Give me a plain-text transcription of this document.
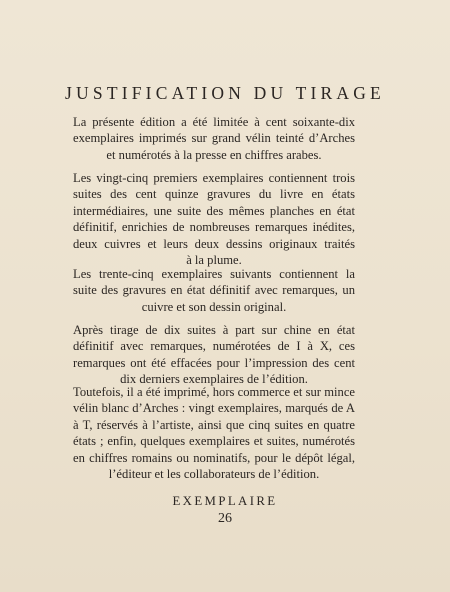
JUSTIFICATION DU TIRAGE
La présente édition a été limitée à cent soixante-dix
exemplaires imprimés sur grand vélin teinté d’Arches
et numérotés à la presse en chiffres arabes.
Les vingt-cinq premiers exemplaires contiennent trois
suites des cent quinze gravures du livre en états
intermédiaires, une suite des mêmes planches en état
définitif, enrichies de nombreuses remarques inédites,
deux cuivres et leurs deux dessins originaux traités
à la plume.
Les trente-cinq exemplaires suivants contiennent la
suite des gravures en état définitif avec remarques, un
cuivre et son dessin original.
Après tirage de dix suites à part sur chine en état
définitif avec remarques, numérotées de I à X, ces
remarques ont été effacées pour l’impression des cent
dix derniers exemplaires de l’édition.
Toutefois, il a été imprimé, hors commerce et sur mince
vélin blanc d’Arches : vingt exemplaires, marqués de A
à T, réservés à l’artiste, ainsi que cinq suites en quatre
états ; enfin, quelques exemplaires et suites, numérotés
en chiffres romains ou nominatifs, pour le dépôt légal,
l’éditeur et les collaborateurs de l’édition.
EXEMPLAIRE
26
